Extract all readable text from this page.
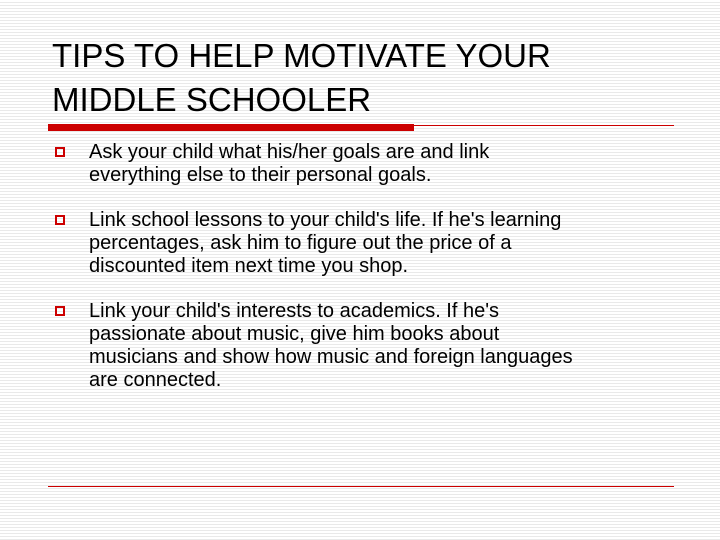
TIPS TO HELP MOTIVATE YOUR
MIDDLE SCHOOLER
Ask your child what his/her goals are and link
everything else to their personal goals.
Link school lessons to your child's life. If he's learning
percentages, ask him to figure out the price of a
discounted item next time you shop.
Link your child's interests to academics. If he's
passionate about music, give him books about
musicians and show how music and foreign languages
are connected.
